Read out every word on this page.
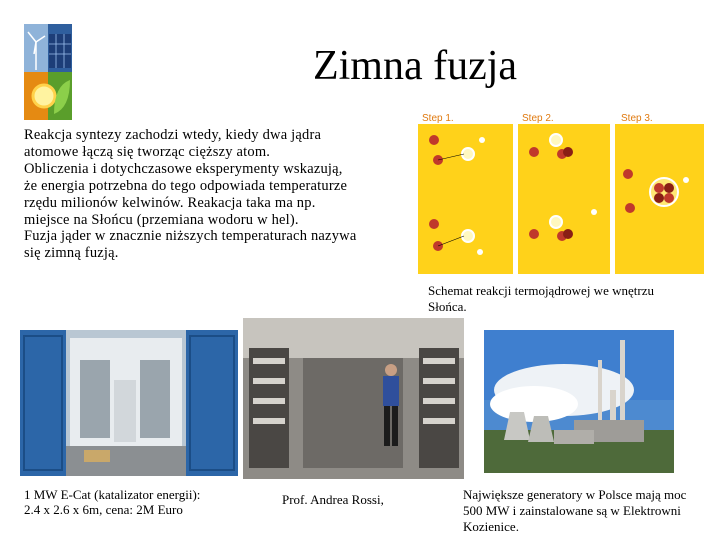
Zimna fuzja
Reakcja syntezy zachodzi wtedy, kiedy dwa jądra
atomowe łączą się tworząc cięższy atom.
Obliczenia i dotychczasowe eksperymenty wskazują,
że energia potrzebna do tego odpowiada temperaturze
rzędu milionów kelwinów. Reakacja taka ma np.
miejsce na Słońcu (przemiana wodoru w hel).
Fuzja jąder w znacznie niższych temperaturach nazywa
się zimną fuzją.
Step 1.	Step 2.	Step 3.
Schemat reakcji termojądrowej we wnętrzu
Słońca.
1 MW E-Cat (katalizator energii):
2.4 x 2.6 x 6m, cena: 2M Euro
Prof. Andrea Rossi,	Największe generatory w Polsce mają moc
500 MW i zainstalowane są w Elektrowni
Kozienice.
